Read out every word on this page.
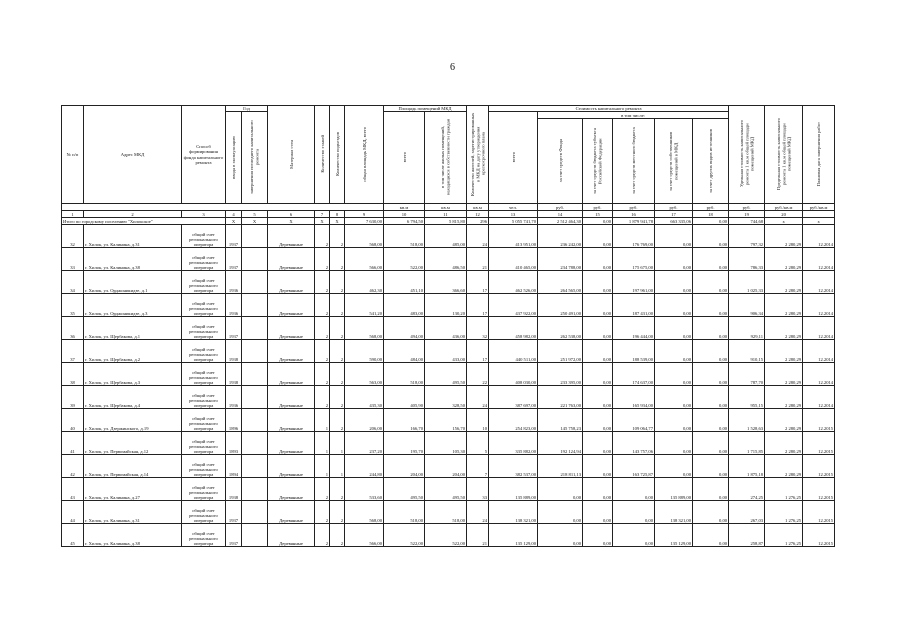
6
№ п/п	Адрес МКД	Способ формирования фонда капитального ремонта	Год		Материал стен	Количество этажей	Количество подъездов	общая площадь МКД, всего	Площадь помещений МКД		Количество жителей, зарегистрированных в МКД на дату утверждения краткосрочного плана	Стоимость капитального ремонта						Удельная стоимость капитального ремонта 1 кв.м общей площади помещений МКД	Предельная стоимость капитального ремонта 1 кв.м общей площади помещений МКД	Плановая дата завершения работ
			ввода в эксплуатацию	завершения последнего капитального ремонта					всего	в том числе жилых помещений, находящихся в собственности граждан		всего	в том числе:							
													за счет средств Фонда	за счет средств бюджета субъекта Российской Федерации	за счет средств местного бюджета	за счет средств собственников помещений в МКД	за счет других видов источников			
									кв.м	кв.м	кв.м	чел.	руб.	руб.	руб.	руб.	руб.	руб.	руб./кв.м	руб./кв.м
1	2	3	4	5	6	7	8	9	10	11	12	13	14	15	16	17	18	19	20	
Итого по городскому поселению "Хилокское"			Х	Х	Х	Х	Х	7 630,00	6 794,50	5 815,80	296	5 055 741,70	2 512 464,30	0,00	1 879 941,78	663 335,06	0,00	744,68	х	х
32	г. Хилок, ул. Калинина, д.31	общий счет регионального оператора	1937		Деревянные	2	2	568,00	518,00	485,00	24	413 951,00	236 242,00	0,00	176 769,00	0,00	0,00	797,32	2 280,29	12.2014
33	г. Хилок, ул. Калинина, д.38	общий счет регионального оператора	1937		Деревянные	2	2	566,00	522,00	486,50	21	410 465,00	234 788,00	0,00	175 675,00	0,00	0,00	786,33	2 280,29	12.2014
34	г. Хилок, ул. Орджоникидзе, д.1	общий счет регионального оператора	1936		Деревянные	2	2	462,30	451,10	366,60	17	462 526,00	264 565,00	0,00	197 961,00	0,00	0,00	1 025,33	2 280,29	12.2014
35	г. Хилок, ул. Орджоникидзе, д.3	общий счет регионального оператора	1936		Деревянные	2	2	541,20	483,00	130,20	17	437 922,00	250 491,00	0,00	187 431,00	0,00	0,00	906,34	2 280,29	12.2014
36	г. Хилок, ул. Щербакова, д.1	общий счет регионального оператора	1937		Деревянные	2	2	568,00	494,00	436,00	32	458 982,00	262 538,00	0,00	196 444,00	0,00	0,00	929,11	2 280,29	12.2014
37	г. Хилок, ул. Щербакова, д.2	общий счет регионального оператора	1938		Деревянные	2	2	590,00	484,00	433,00	17	440 511,00	251 972,00	0,00	188 539,00	0,00	0,00	910,15	2 280,29	12.2014
38	г. Хилок, ул. Щербакова, д.3	общий счет регионального оператора	1938		Деревянные	2	2	563,00	518,00	495,50	22	408 030,00	233 395,00	0,00	174 637,00	0,00	0,00	787,70	2 280,29	12.2014
39	г. Хилок, ул. Щербакова, д.4	общий счет регионального оператора	1936		Деревянные	2	2	435,30	405,90	328,50	24	387 697,00	221 763,00	0,00	165 934,00	0,00	0,00	955,15	2 280,29	12.2014
40	г. Хилок, ул. Дзержинского, д.19	общий счет регионального оператора	1896		Деревянные	1	2	206,00	166,70	156,70	10	254 823,00	145 758,23	0,00	109 064,77	0,00	0,00	1 528,63	2 280,29	12.2015
41	г. Хилок, ул. Первомайская, д.12	общий счет регионального оператора	1893		Деревянные	1	1	237,20	195,70	105,30	5	335 882,00	192 124,94	0,00	143 757,06	0,00	0,00	1 715,85	2 280,29	12.2015
42	г. Хилок, ул. Первомайская, д.14	общий счет регионального оператора	1894		Деревянные	1	1	244,80	204,00	204,00	7	382 537,00	218 811,13	0,00	163 725,87	0,00	0,00	1 875,18	2 280,29	12.2015
43	г. Хилок, ул. Калинина, д.27	общий счет регионального оператора	1938		Деревянные	2	2	533,60	495,50	495,50	33	135 889,00	0,00	0,00	0,00	135 889,00	0,00	274,25	1 276,25	12.2015
44	г. Хилок, ул. Калинина, д.31	общий счет регионального оператора	1937		Деревянные	2	2	568,00	518,00	518,00	24	138 321,00	0,00	0,00	0,00	138 321,00	0,00	267,03	1 276,25	12.2015
45	г. Хилок, ул. Калинина, д.38	общий счет регионального оператора	1937		Деревянные	2	2	566,00	522,00	522,00	21	135 129,00	0,00	0,00	0,00	135 129,00	0,00	258,87	1 276,25	12.2015
